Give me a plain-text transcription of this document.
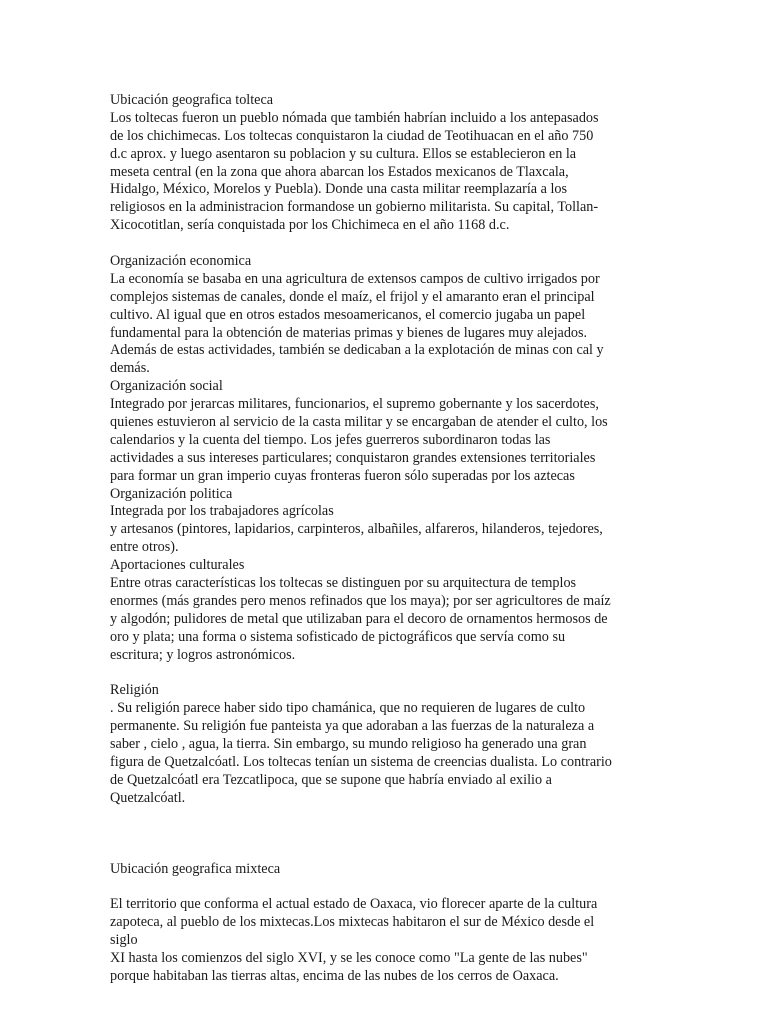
Ubicación geografica tolteca
Los toltecas fueron un pueblo nómada que también habrían incluido a los antepasados
de los chichimecas. Los toltecas conquistaron la ciudad de Teotihuacan en el año 750
d.c aprox. y luego asentaron su poblacion y su cultura. Ellos se establecieron en la
meseta central (en la zona que ahora abarcan los Estados mexicanos de Tlaxcala,
Hidalgo, México, Morelos y Puebla). Donde una casta militar reemplazaría a los
religiosos en la administracion formandose un gobierno militarista. Su capital, Tollan-
Xicocotitlan, sería conquistada por los Chichimeca en el año 1168 d.c.
Organización economica
La economía se basaba en una agricultura de extensos campos de cultivo irrigados por
complejos sistemas de canales, donde el maíz, el frijol y el amaranto eran el principal
cultivo. Al igual que en otros estados mesoamericanos, el comercio jugaba un papel
fundamental para la obtención de materias primas y bienes de lugares muy alejados.
Además de estas actividades, también se dedicaban a la explotación de minas con cal y
demás.
Organización social
Integrado por jerarcas militares, funcionarios, el supremo gobernante y los sacerdotes,
quienes estuvieron al servicio de la casta militar y se encargaban de atender el culto, los
calendarios y la cuenta del tiempo. Los jefes guerreros subordinaron todas las
actividades a sus intereses particulares; conquistaron grandes extensiones territoriales
para formar un gran imperio cuyas fronteras fueron sólo superadas por los aztecas
Organización politica
Integrada por los trabajadores agrícolas
y artesanos (pintores, lapidarios, carpinteros, albañiles, alfareros, hilanderos, tejedores,
entre otros).
Aportaciones culturales
Entre otras características los toltecas se distinguen por su arquitectura de templos
enormes (más grandes pero menos refinados que los maya); por ser agricultores de maíz
y algodón; pulidores de metal que utilizaban para el decoro de ornamentos hermosos de
oro y plata; una forma o sistema sofisticado de pictográficos que servía como su
escritura; y logros astronómicos.
Religión
. Su religión parece haber sido tipo chamánica, que no requieren de lugares de culto
permanente. Su religión fue panteista ya que adoraban a las fuerzas de la naturaleza a
saber , cielo , agua, la tierra. Sin embargo, su mundo religioso ha generado una gran
figura de Quetzalcóatl. Los toltecas tenían un sistema de creencias dualista. Lo contrario
de Quetzalcóatl era Tezcatlipoca, que se supone que habría enviado al exilio a
Quetzalcóatl.
Ubicación geografica mixteca
El territorio que conforma el actual estado de Oaxaca, vio florecer aparte de la cultura
zapoteca, al pueblo de los mixtecas.Los mixtecas habitaron el sur de México desde el
siglo
XI hasta los comienzos del siglo XVI, y se les conoce como "La gente de las nubes"
porque habitaban las tierras altas, encima de las nubes de los cerros de Oaxaca.
